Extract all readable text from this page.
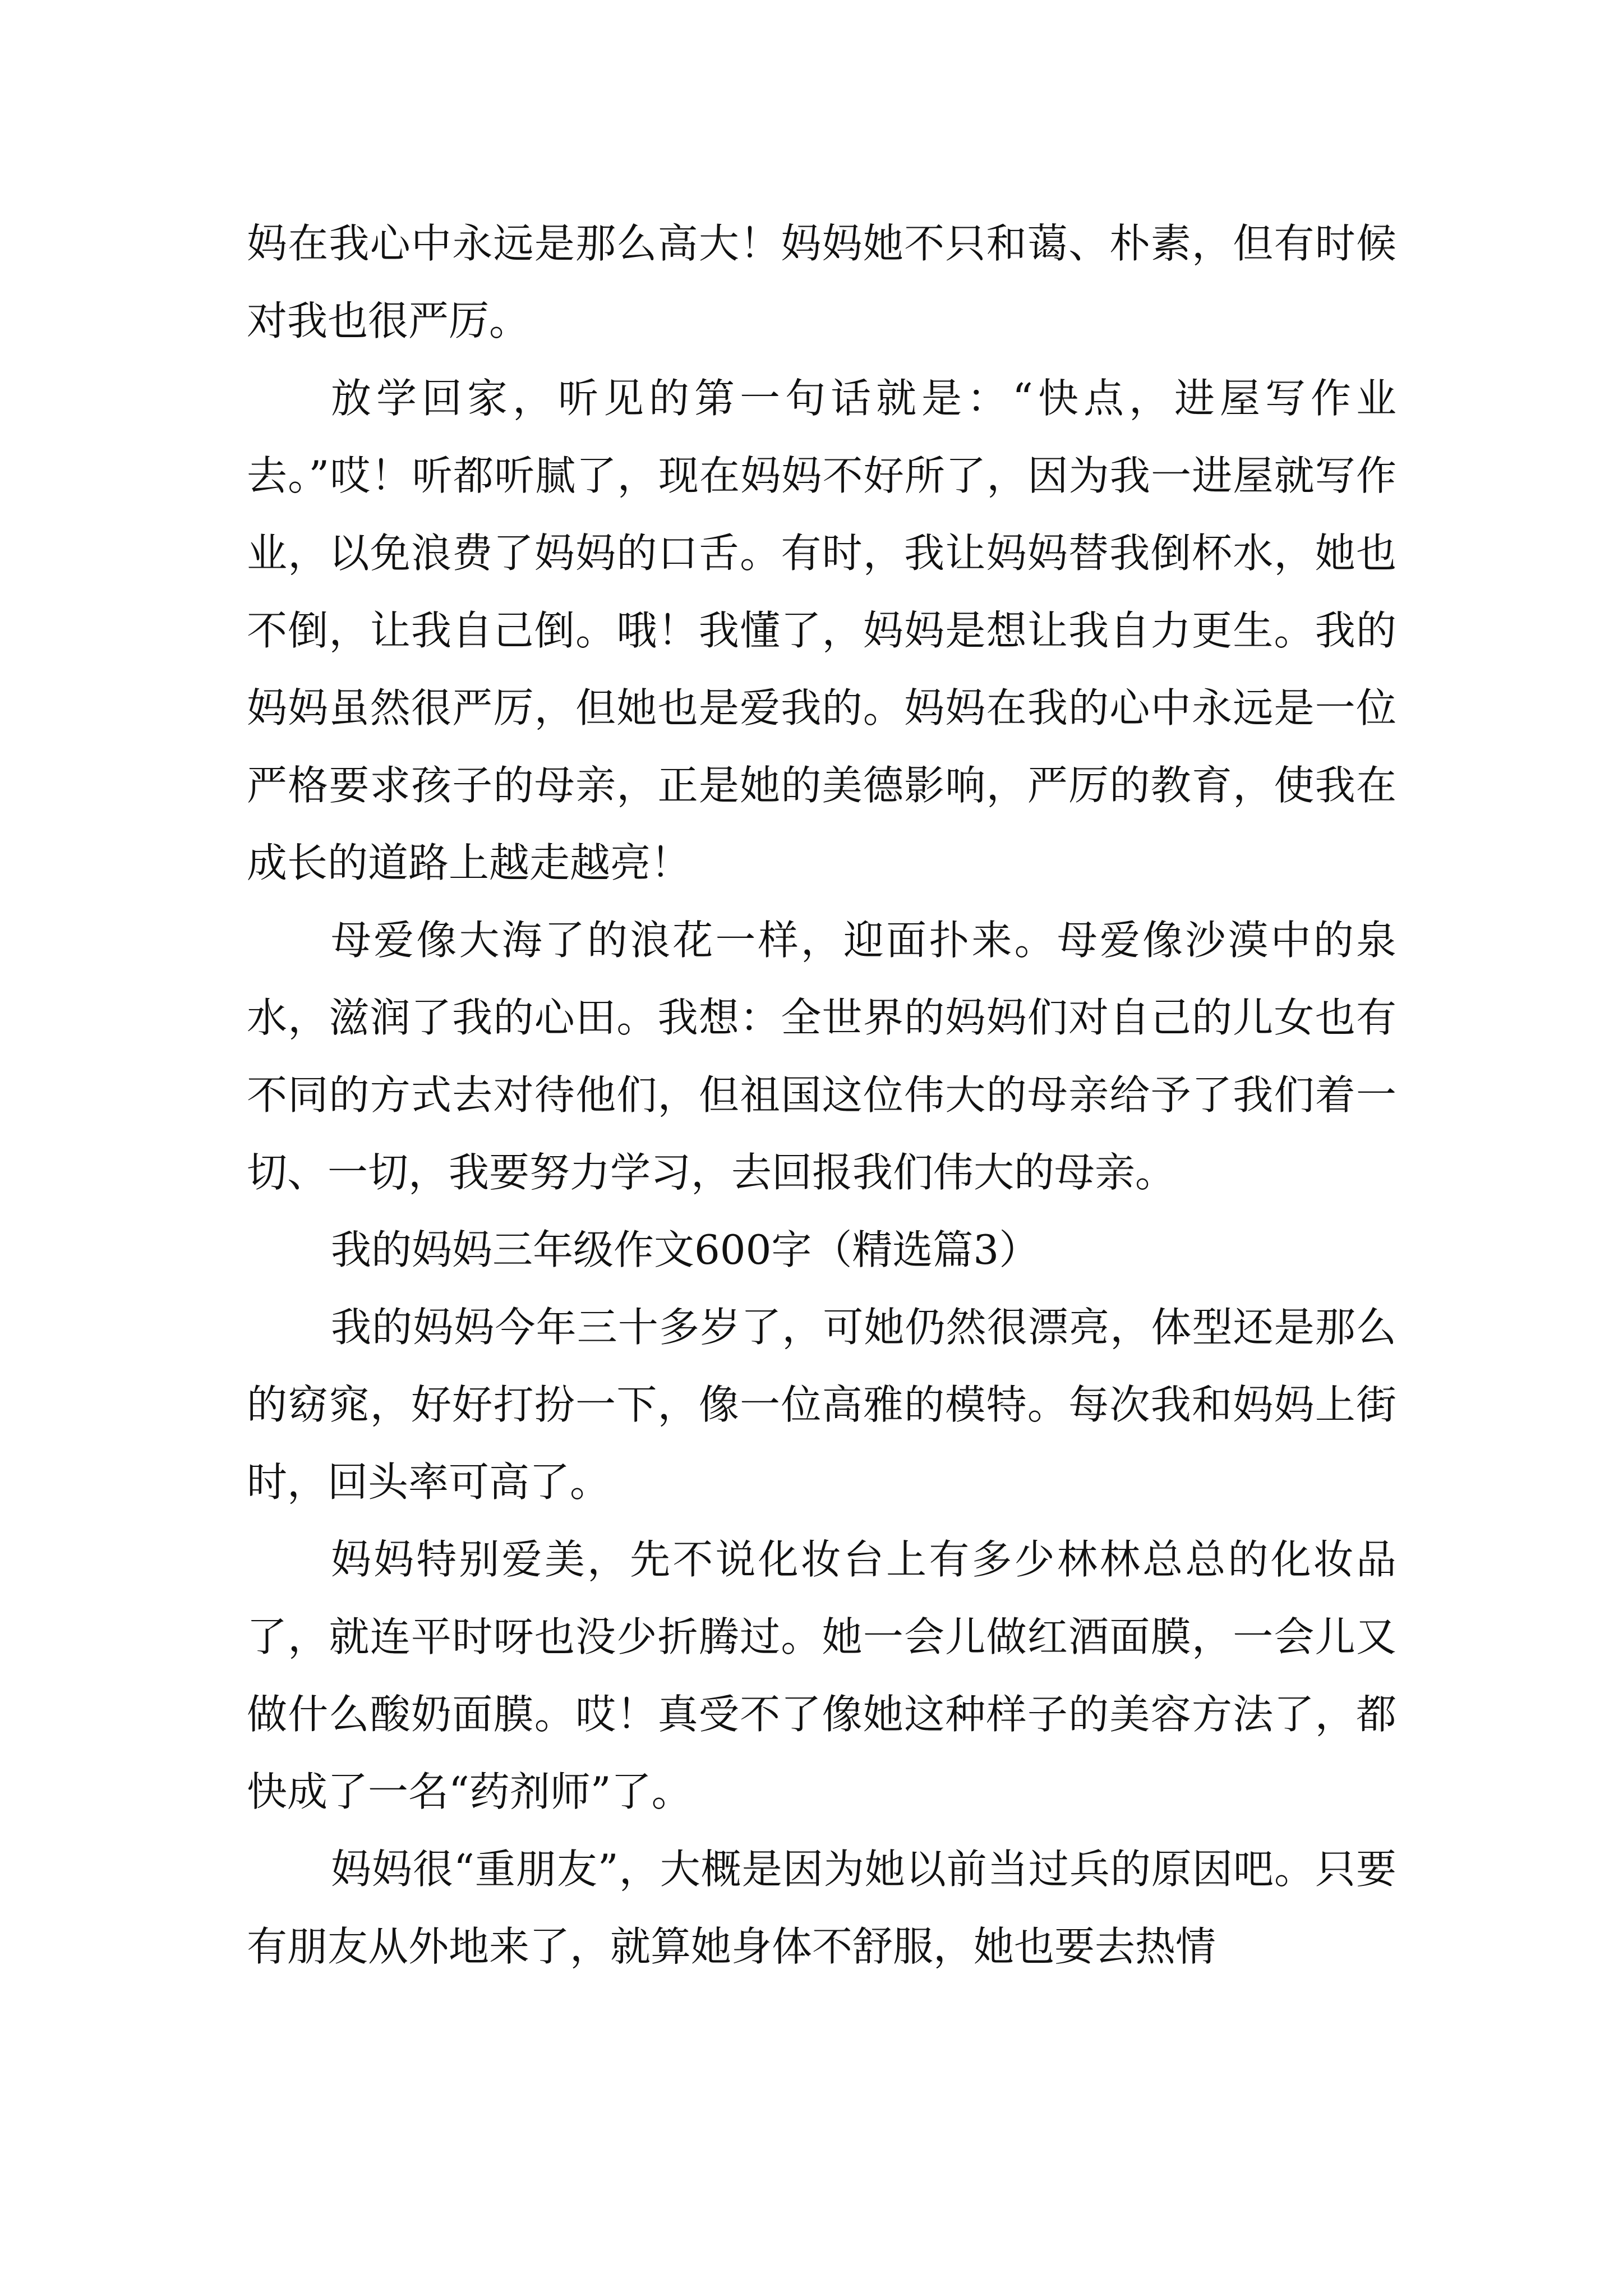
妈在我心中永远是那么高大！妈妈她不只和蔼、朴素，但有时候对我也很严厉。

放学回家，听见的第一句话就是：“快点，进屋写作业去。”哎！听都听腻了，现在妈妈不好所了，因为我一进屋就写作业，以免浪费了妈妈的口舌。有时，我让妈妈替我倒杯水，她也不倒，让我自己倒。哦！我懂了，妈妈是想让我自力更生。我的妈妈虽然很严厉，但她也是爱我的。妈妈在我的心中永远是一位严格要求孩子的母亲，正是她的美德影响，严厉的教育，使我在成长的道路上越走越亮！

母爱像大海了的浪花一样，迎面扑来。母爱像沙漠中的泉水，滋润了我的心田。我想：全世界的妈妈们对自己的儿女也有不同的方式去对待他们，但祖国这位伟大的母亲给予了我们着一切、一切，我要努力学习，去回报我们伟大的母亲。

我的妈妈三年级作文600字（精选篇3）

我的妈妈今年三十多岁了，可她仍然很漂亮，体型还是那么的窈窕，好好打扮一下，像一位高雅的模特。每次我和妈妈上街时，回头率可高了。

妈妈特别爱美，先不说化妆台上有多少林林总总的化妆品了，就连平时呀也没少折腾过。她一会儿做红酒面膜，一会儿又做什么酸奶面膜。哎！真受不了像她这种样子的美容方法了，都快成了一名“药剂师”了。

妈妈很“重朋友”，大概是因为她以前当过兵的原因吧。只要有朋友从外地来了，就算她身体不舒服，她也要去热情
